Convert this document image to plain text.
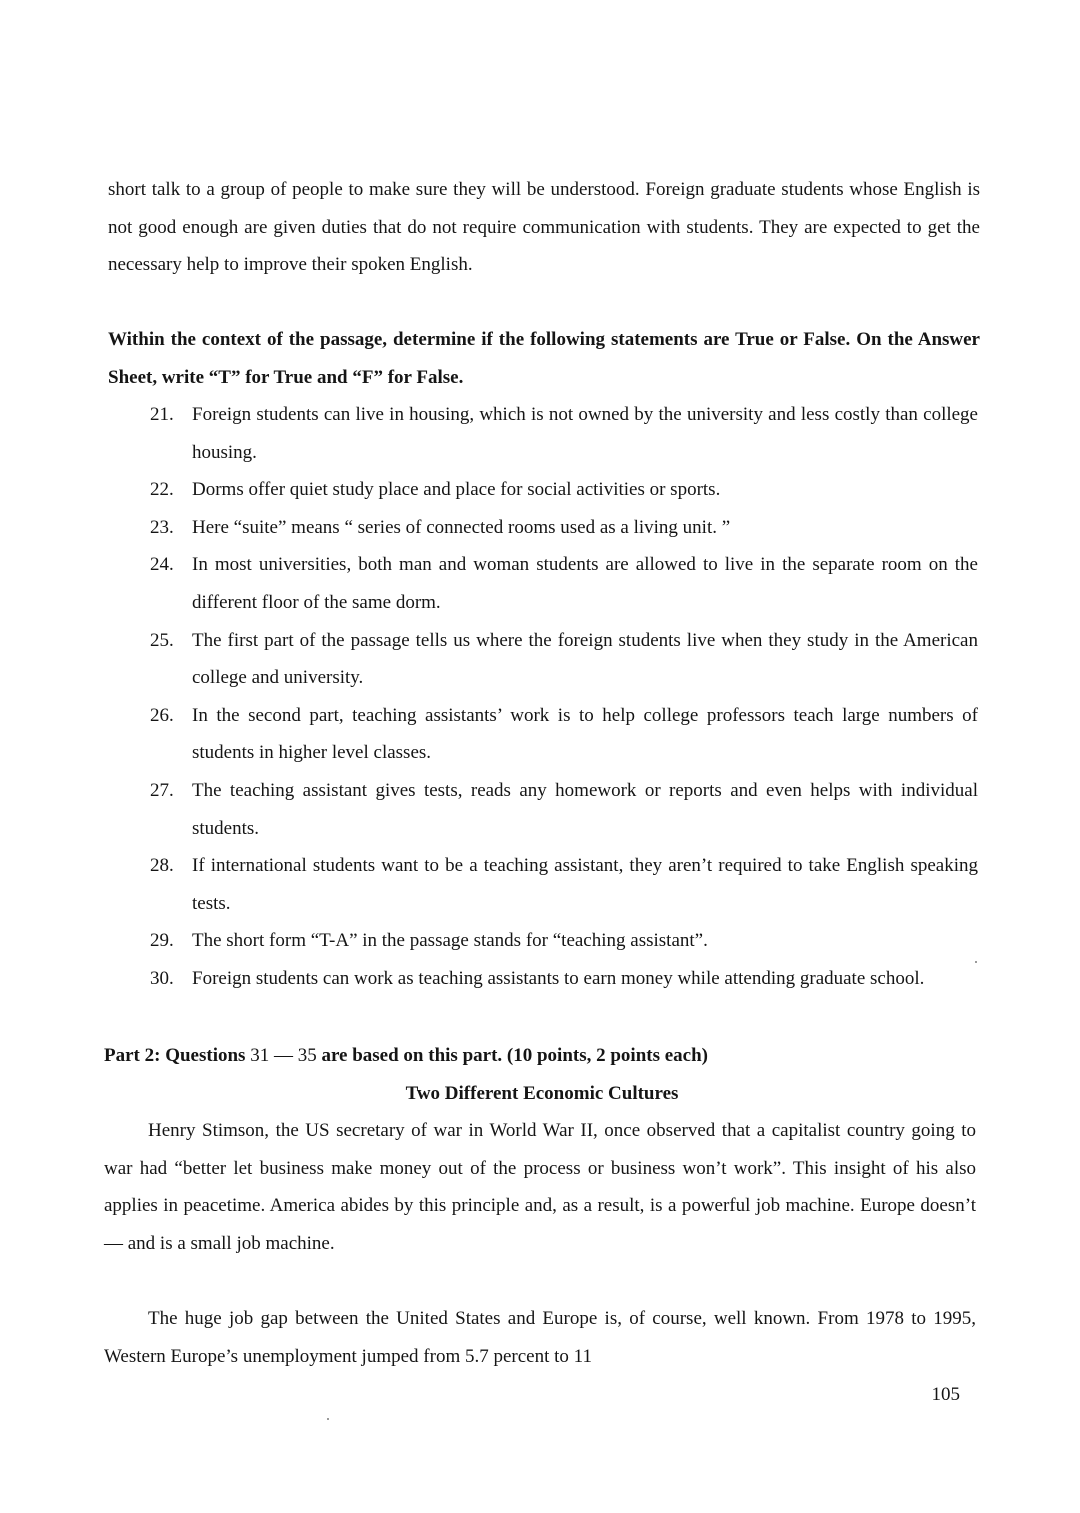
short talk to a group of people to make sure they will be understood. Foreign graduate students whose English is not good enough are given duties that do not require communication with students. They are expected to get the necessary help to improve their spoken English.

Within the context of the passage, determine if the following statements are True or False. On the Answer Sheet, write “T” for True and “F” for False.

21. Foreign students can live in housing, which is not owned by the university and less costly than college housing.
22. Dorms offer quiet study place and place for social activities or sports.
23. Here “suite” means “ series of connected rooms used as a living unit. ”
24. In most universities, both man and woman students are allowed to live in the separate room on the different floor of the same dorm.
25. The first part of the passage tells us where the foreign students live when they study in the American college and university.
26. In the second part, teaching assistants’ work is to help college professors teach large numbers of students in higher level classes.
27. The teaching assistant gives tests, reads any homework or reports and even helps with individual students.
28. If international students want to be a teaching assistant, they aren’t required to take English speaking tests.
29. The short form “T-A” in the passage stands for “teaching assistant”.
30. Foreign students can work as teaching assistants to earn money while attending graduate school.

Part 2: Questions 31 — 35 are based on this part. (10 points, 2 points each)

Two Different Economic Cultures

Henry Stimson, the US secretary of war in World War II, once observed that a capitalist country going to war had “better let business make money out of the process or business won’t work”. This insight of his also applies in peacetime. America abides by this principle and, as a result, is a powerful job machine. Europe doesn’t — and is a small job machine.

The huge job gap between the United States and Europe is, of course, well known. From 1978 to 1995, Western Europe’s unemployment jumped from 5.7 percent to 11

105
